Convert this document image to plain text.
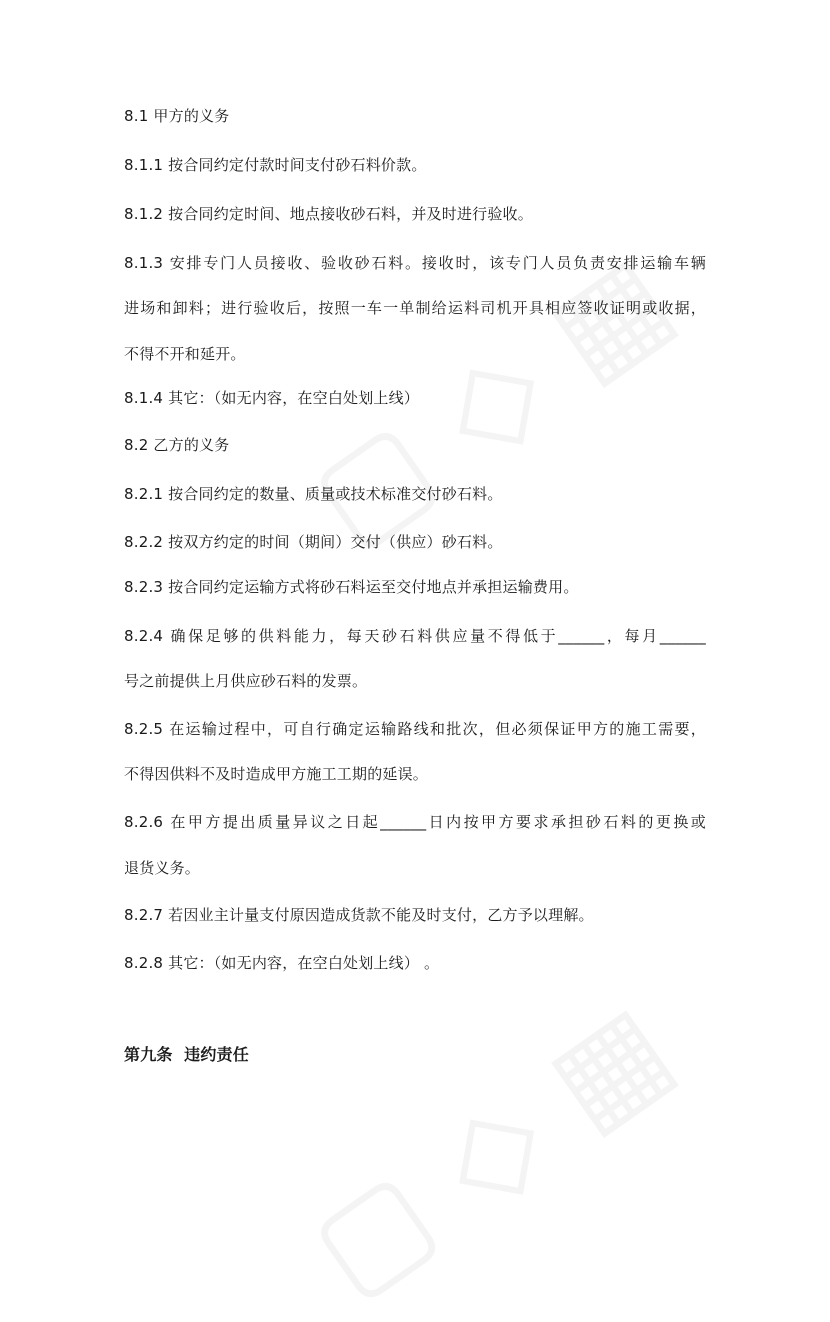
8.1 甲方的义务
8.1.1 按合同约定付款时间支付砂石料价款。
8.1.2 按合同约定时间、地点接收砂石料，并及时进行验收。
8.1.3 安排专门人员接收、验收砂石料。接收时，该专门人员负责安排运输车辆
进场和卸料；进行验收后，按照一车一单制给运料司机开具相应签收证明或收据，
不得不开和延开。
8.1.4 其它：（如无内容，在空白处划上线）
8.2 乙方的义务
8.2.1 按合同约定的数量、质量或技术标准交付砂石料。
8.2.2 按双方约定的时间（期间）交付（供应）砂石料。
8.2.3 按合同约定运输方式将砂石料运至交付地点并承担运输费用。
8.2.4 确保足够的供料能力，每天砂石料供应量不得低于______，每月______
号之前提供上月供应砂石料的发票。
8.2.5 在运输过程中，可自行确定运输路线和批次，但必须保证甲方的施工需要，
不得因供料不及时造成甲方施工工期的延误。
8.2.6 在甲方提出质量异议之日起______日内按甲方要求承担砂石料的更换或
退货义务。
8.2.7 若因业主计量支付原因造成货款不能及时支付，乙方予以理解。
8.2.8 其它：（如无内容，在空白处划上线） 。
第九条  违约责任
